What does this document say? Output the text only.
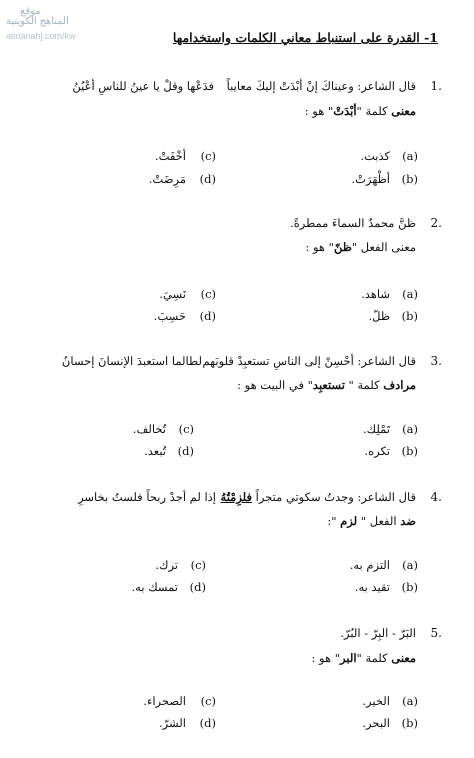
موقع
المناهج الكويتية
almanahj.com/kw	1- القدرة على استنباط معاني الكلمات واستخدامها
1.
قال الشاعر: وعيناكَ إنْ أبْدَتْ إليكَ معايباً
فدَعْها وقلْ يا عينُ للناسِ أعْيُنُ
معنى كلمة "أبْدَتْ" هو :
(a)
كذبت.
(b)
أظْهَرَتْ.
(c)
أخْفَتْ.
(d)
مَرِضَتْ.
2.
ظنَّ محمدٌ السماءَ ممطرةً.
معنى الفعل "ظنّ" هو :
(a)
شاهد.
(b)
ظلّ.
(c)
نَسِيَ.
(d)
حَسِبَ.
3.
قال الشاعر: أحْسِنْ إلى الناسِ تستعبِدْ قلوبَهم
لطالما استعبدَ الإنسانَ إحسانُ
مرادف كلمة " تستعبِد" في البيت هو :
(a)
تَمْلِك.
(b)
تكره.
(c)
تُخالف.
(d)
تُبعد.
4.
قال الشاعر: وجدتُ سكوتي متجراً فلزِمْتُهُ
إذا لم أجدْ ربحاً فلستُ بخاسرِ
ضد الفعل " لزم ":
(a)
التزم به.
(b)
تقيد به.
(c)
ترك.
(d)
تمسك به.
5.
البَرّ - البِرّ - البُرّ.
معنى كلمة "البر" هو :
(a)
الخير.
(b)
البحر.
(c)
الصحراء.
(d)
الشرّ.
